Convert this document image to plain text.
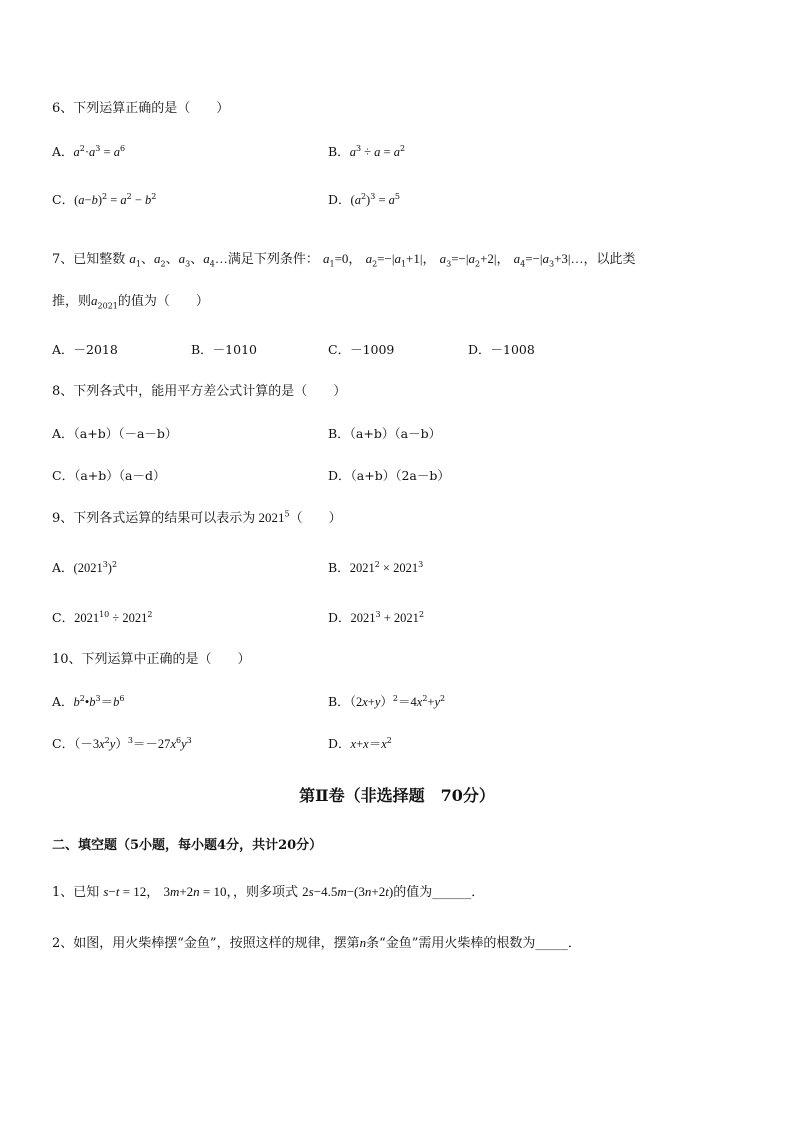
6、下列运算正确的是（　　）
A．$a^2\cdot a^3 = a^6$	B．$a^3 \div a = a^2$
C．$(a-b)^2 = a^2 - b^2$	D．$(a^2)^3 = a^5$
7、已知整数 $a_1$、$a_2$、$a_3$、$a_4\dots$满足下列条件： $a_1=0$， $a_2=-|a_1+1|$， $a_3=-|a_2+2|$， $a_4=-|a_3+3|\dots$，以此类
推，则$a_{2021}$的值为（　　）
A．－2018	B．－1010	C．－1009	D．－1008
8、下列各式中，能用平方差公式计算的是（　　）
A．（a+b）（－a－b）	B．（a+b）（a－b）
C．（a+b）（a－d）	D．（a+b）（2a－b）
9、下列各式运算的结果可以表示为 2021$^5$（　　）
A．$(2021^3)^2$	B．$2021^2 \times 2021^3$
C．$2021^{10} \div 2021^2$	D．$2021^3 + 2021^2$
10、下列运算中正确的是（　　）
A．$b^2•b^3=b^6$	B．$(2x+y)^2=4x^2+y^2$
C．$(-3x^2y)^3=-27x^6y^3$	D．$x+x=x^2$
第Ⅱ卷（非选择题　70分）
二、填空题（5小题，每小题4分，共计20分）
1、已知 s−t = 12， 3m+2n = 10，，则多项式 2s−4.5m−(3n+2t)的值为______．
2、如图，用火柴棒摆“金鱼”，按照这样的规律，摆第n条“金鱼”需用火柴棒的根数为_____．
